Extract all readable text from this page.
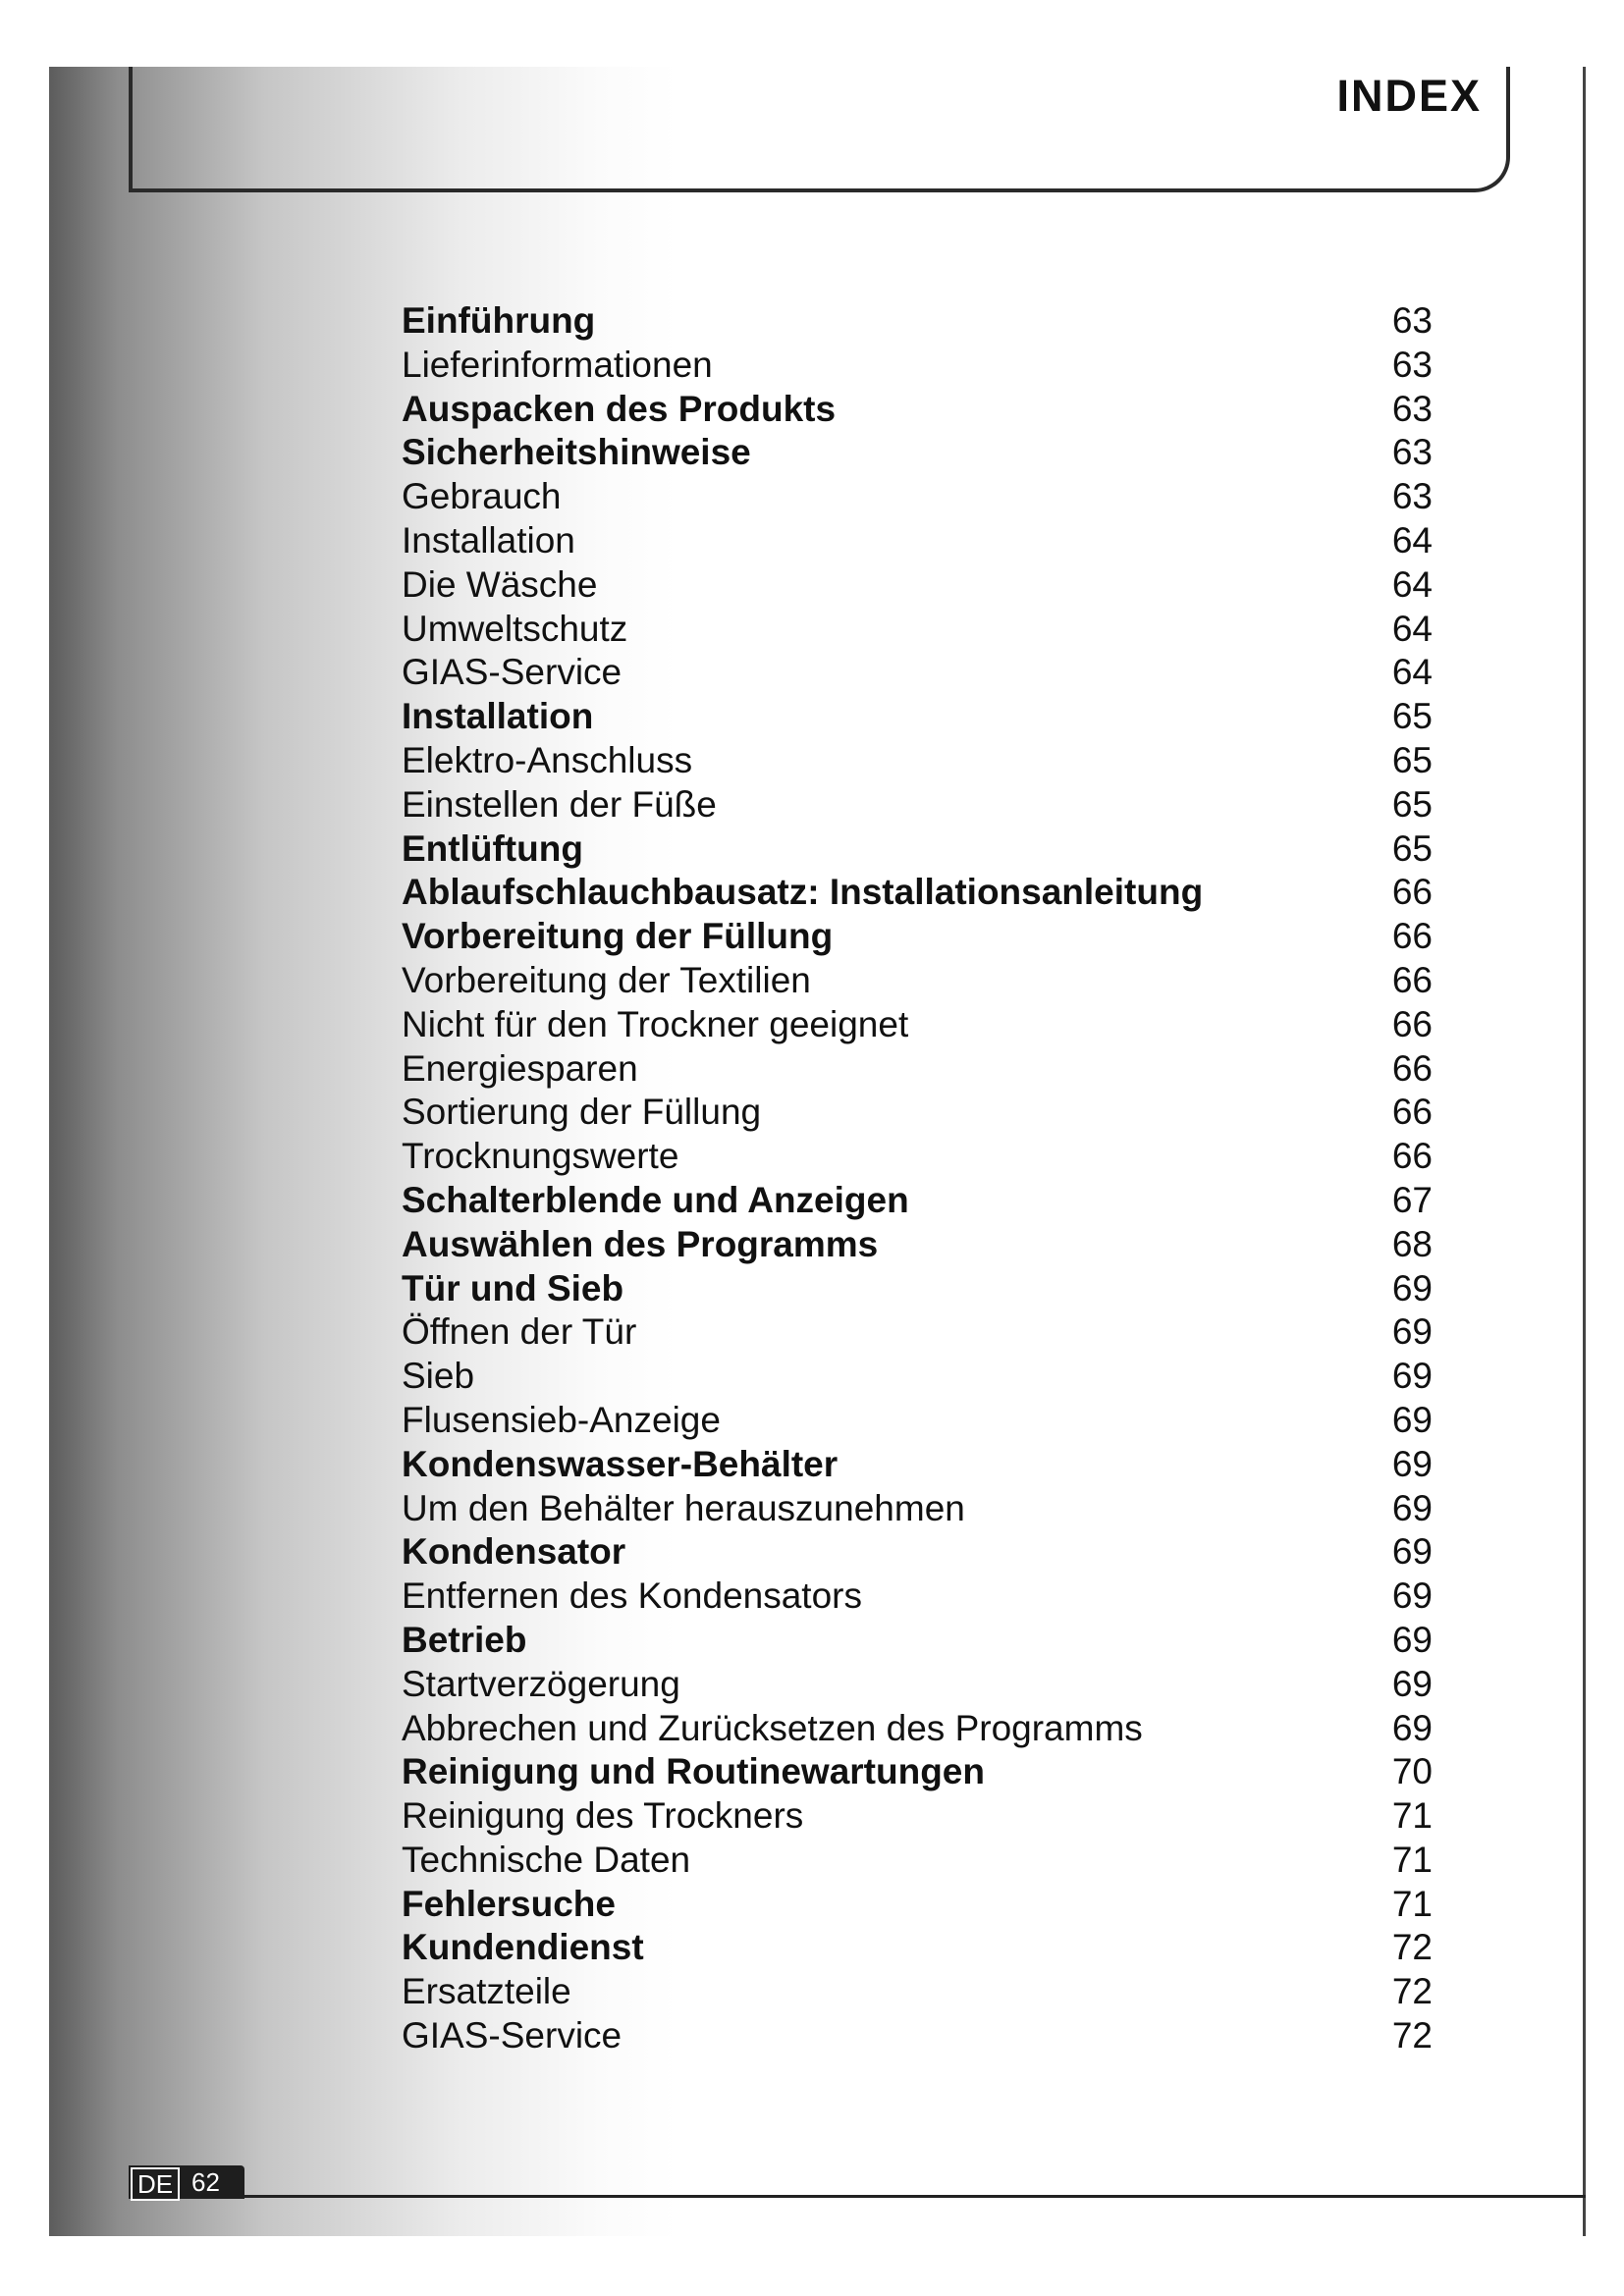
INDEX
Einführung	63
Lieferinformationen	63
Auspacken des Produkts	63
Sicherheitshinweise	63
Gebrauch	63
Installation	64
Die Wäsche	64
Umweltschutz	64
GIAS-Service	64
Installation	65
Elektro-Anschluss	65
Einstellen der Füße	65
Entlüftung	65
Ablaufschlauchbausatz: Installationsanleitung	66
Vorbereitung der Füllung	66
Vorbereitung der Textilien	66
Nicht für den Trockner geeignet	66
Energiesparen	66
Sortierung der Füllung	66
Trocknungswerte	66
Schalterblende und Anzeigen	67
Auswählen des Programms	68
Tür und Sieb	69
Öffnen der Tür	69
Sieb	69
Flusensieb-Anzeige	69
Kondenswasser-Behälter	69
Um den Behälter herauszunehmen	69
Kondensator	69
Entfernen des Kondensators	69
Betrieb	69
Startverzögerung	69
Abbrechen und Zurücksetzen des Programms	69
Reinigung und Routinewartungen	70
Reinigung des Trockners	71
Technische Daten	71
Fehlersuche	71
Kundendienst	72
Ersatzteile	72
GIAS-Service	72
DE 62
